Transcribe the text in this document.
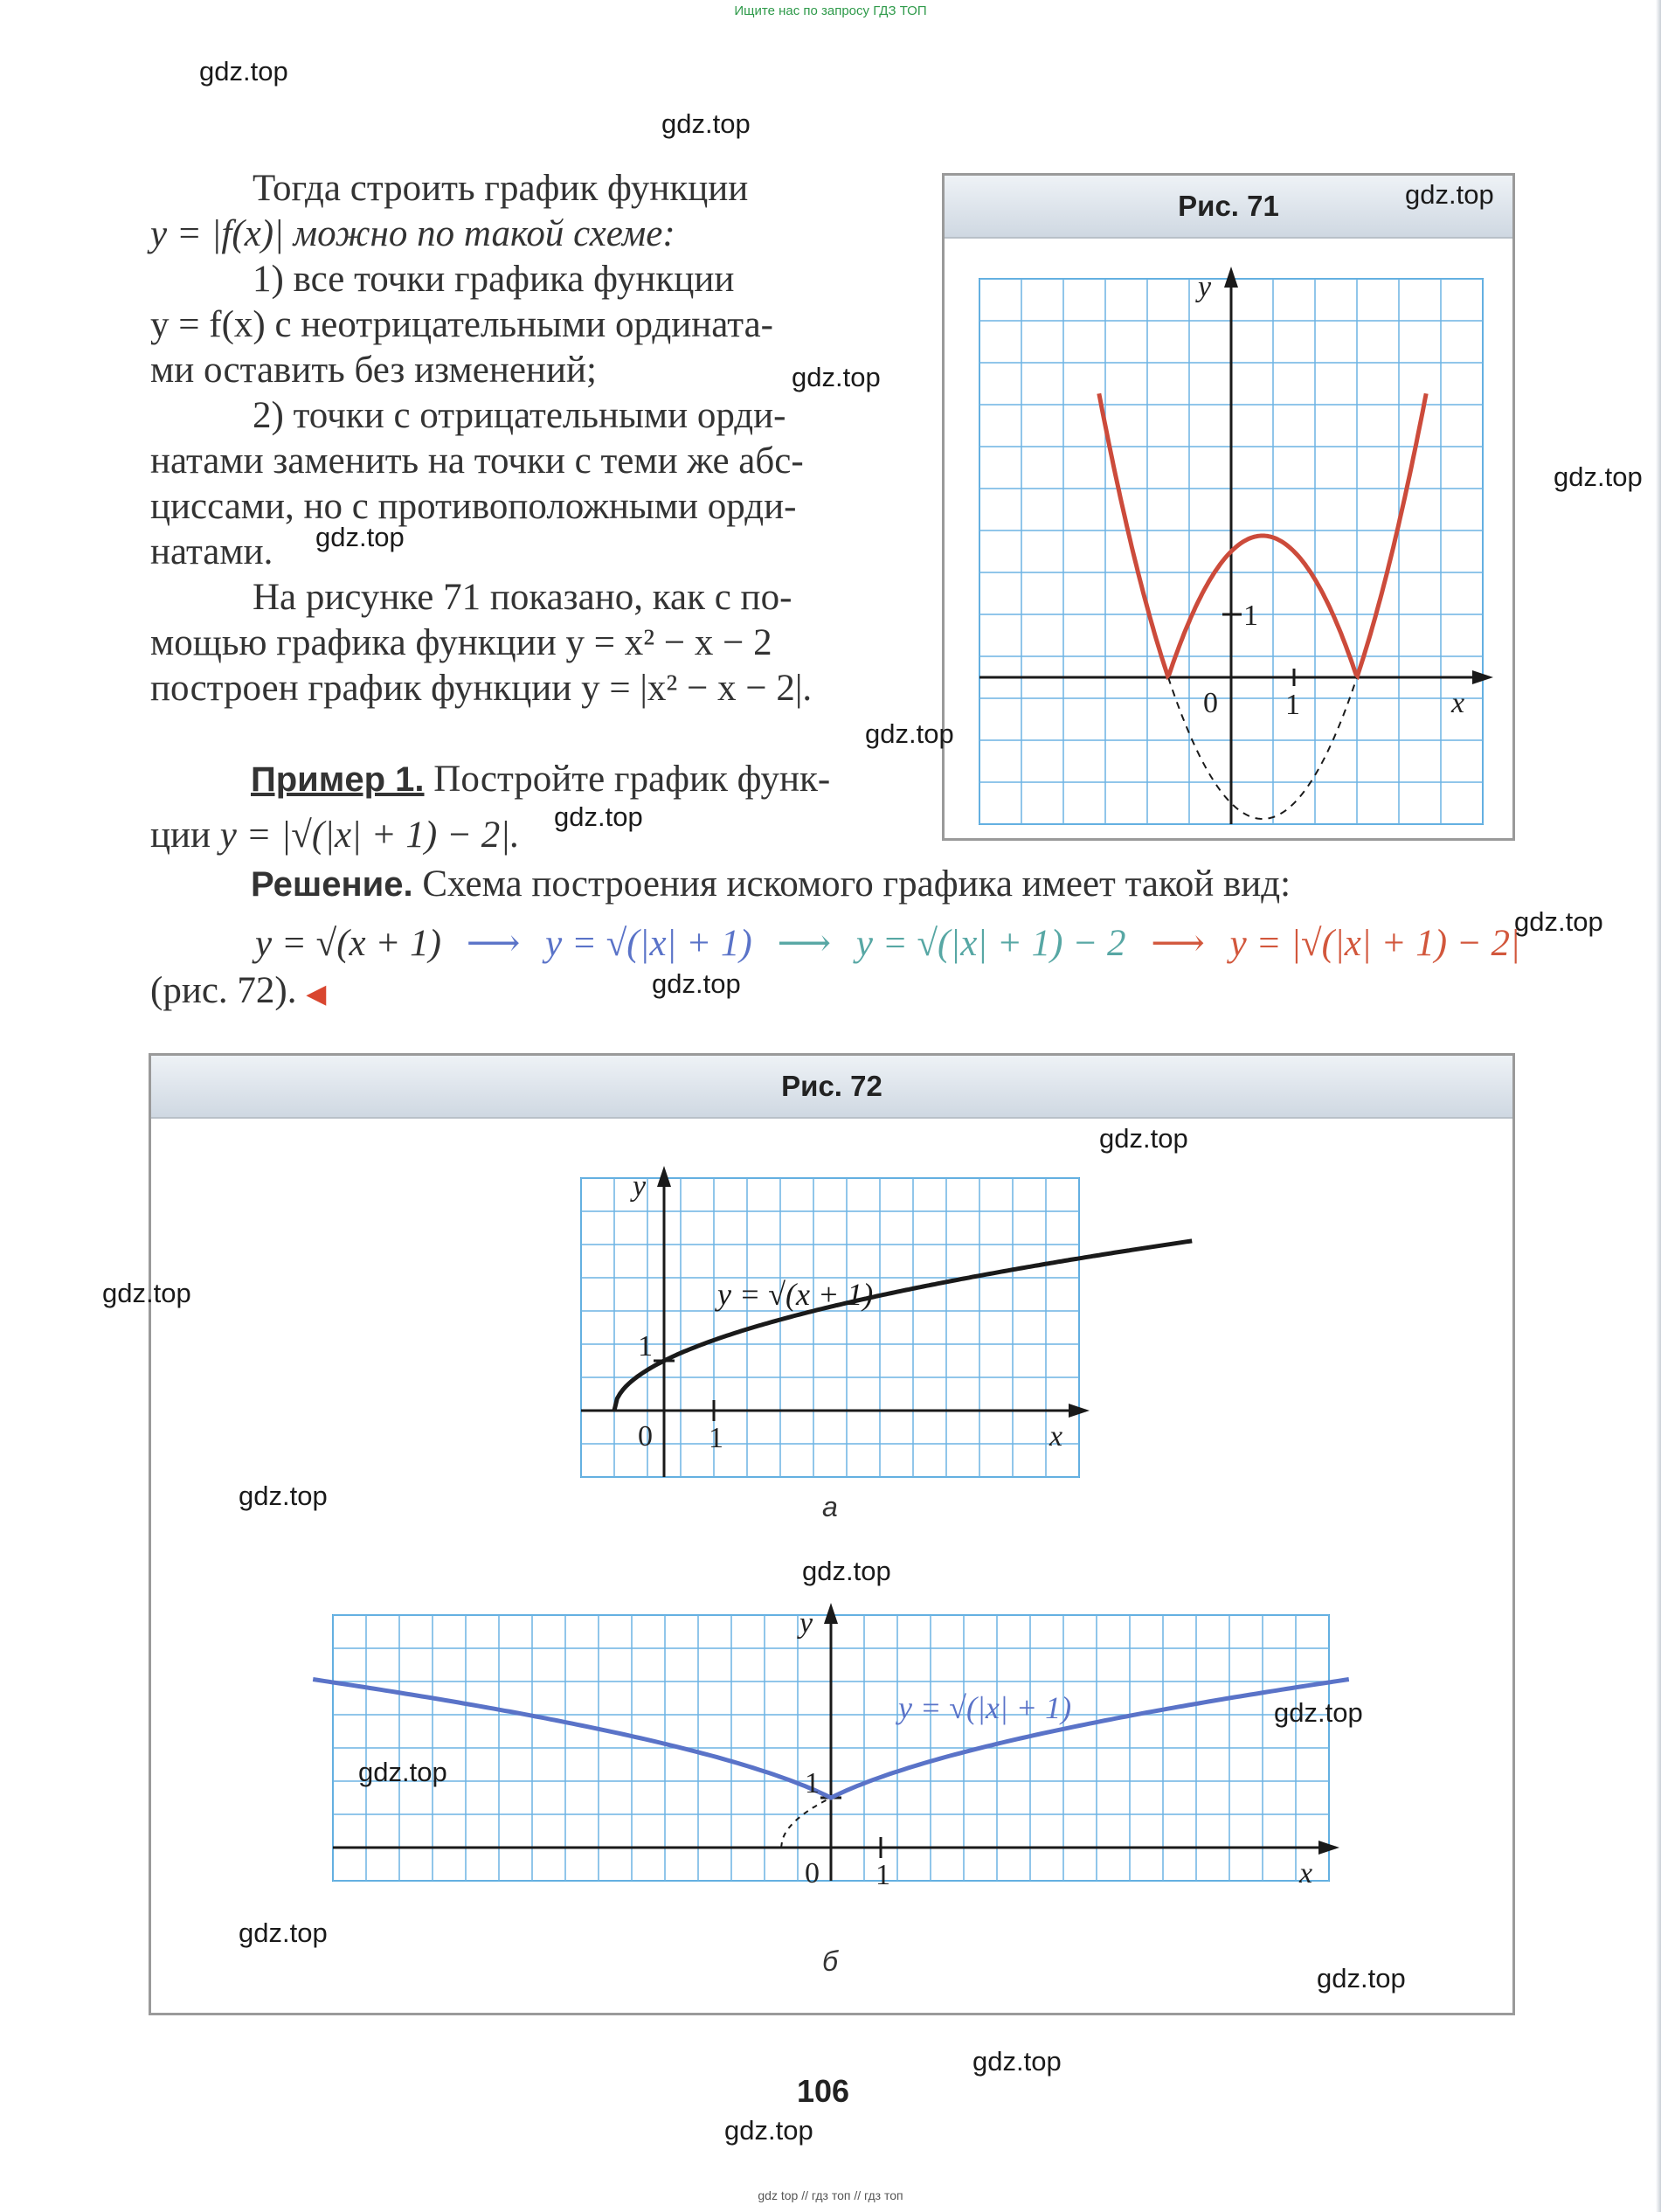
Ищите нас по запросу ГДЗ ТОП
Тогда строить график функции
y = |f(x)| можно по такой схеме:
1) все точки графика функции
y = f(x) с неотрицательными ордината-
ми оставить без изменений;
2) точки с отрицательными орди-
натами заменить на точки с теми же абс-
циссами, но с противоположными орди-
натами.
На рисунке 71 показано, как с по-
мощью графика функции y = x² − x − 2
построен график функции y = |x² − x − 2|.
Пример 1. Постройте график функ-
ции y = |√(|x| + 1) − 2|.
Решение. Схема построения искомого графика имеет такой вид:
y = √(x + 1) ⟶ y = √(|x| + 1) ⟶ y = √(|x| + 1) − 2 ⟶ y = |√(|x| + 1) − 2|
(рис. 72). ◀
Рис. 71
y
x
0 1
1
Рис. 72
y
x
0 1
1
y = √(x + 1)
y
x
0 1
1
y = √(|x| + 1)
а
б
106
gdz.top
gdz.top
gdz.top
gdz.top
gdz.top
gdz.top
gdz.top
gdz.top
gdz.top
gdz.top
gdz.top
gdz.top
gdz.top
gdz.top
gdz.top
gdz.top
gdz.top
gdz.top
gdz.top
gdz.top
gdz top // гдз топ // гдз топ
